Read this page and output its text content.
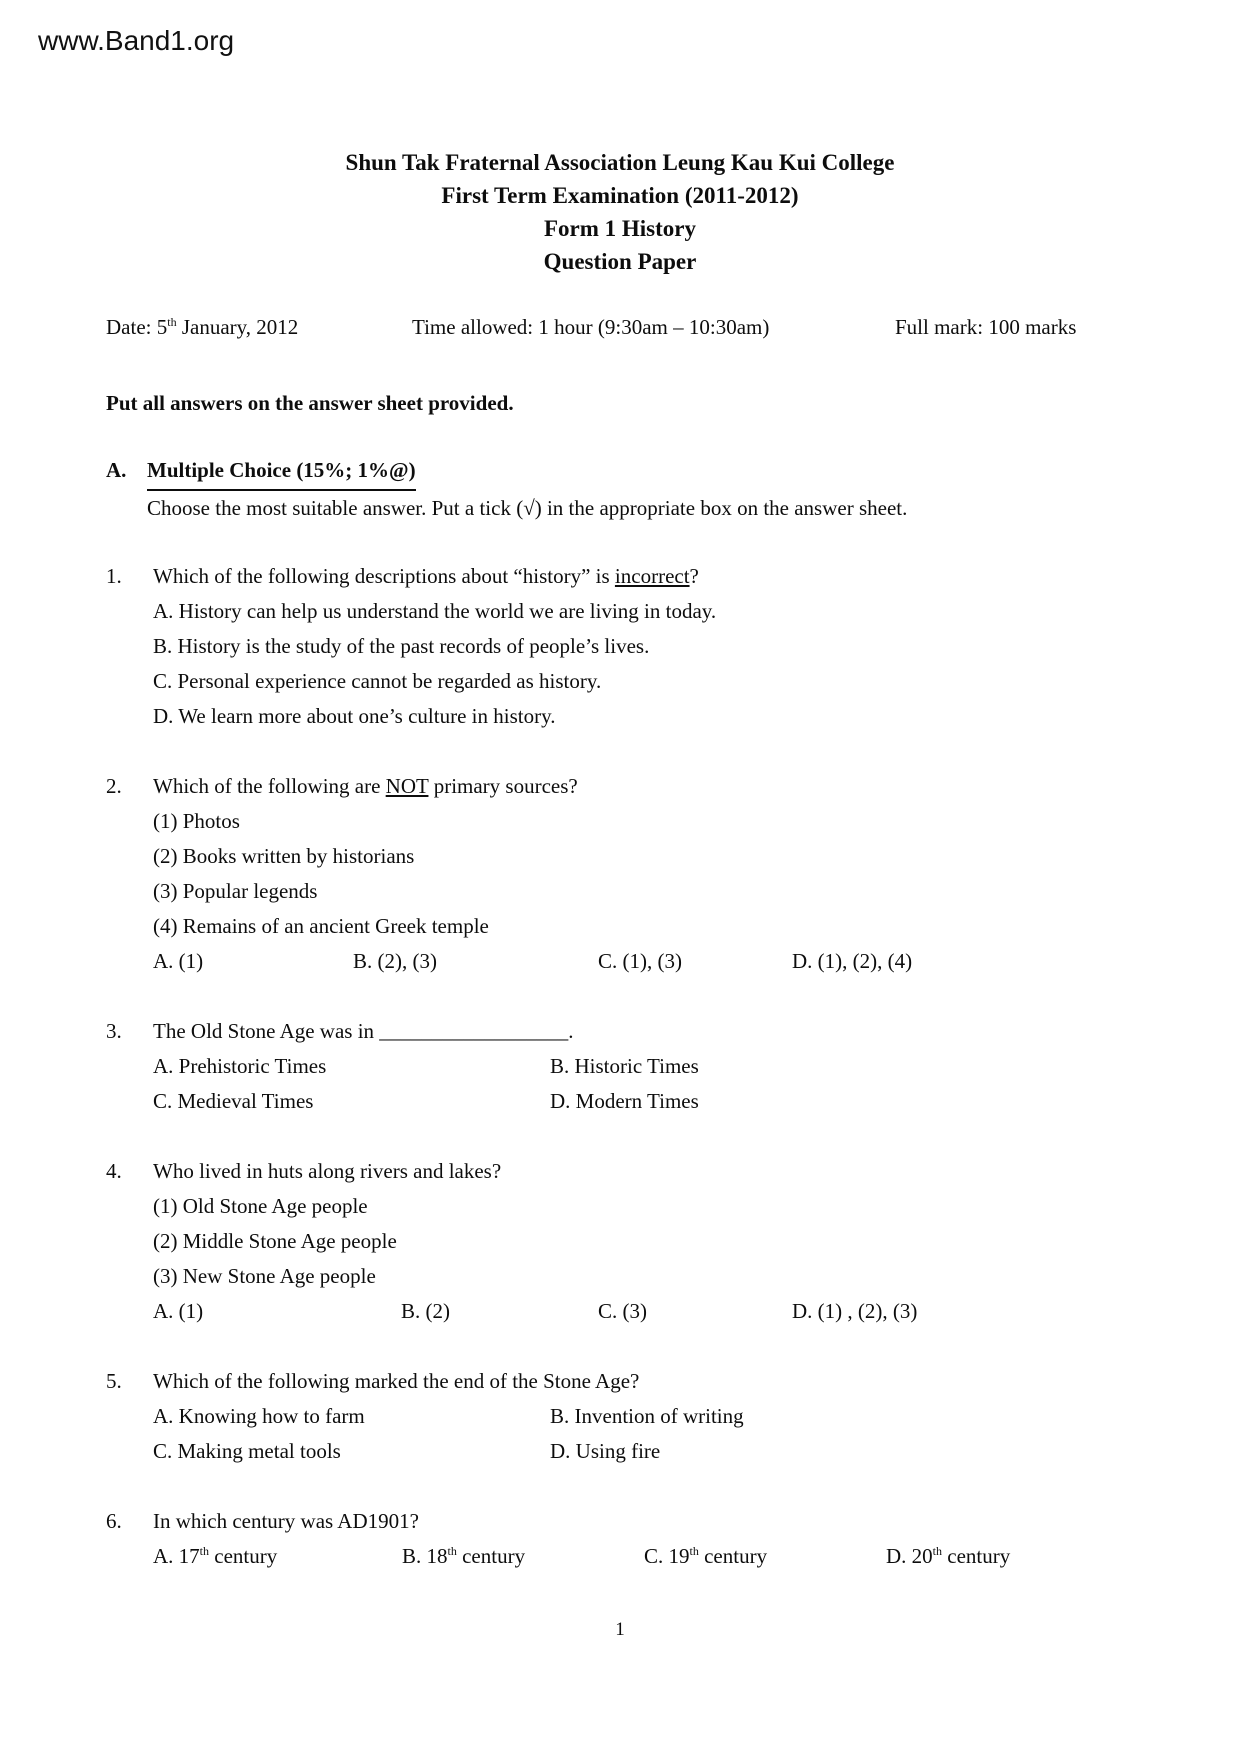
www.Band1.org
Shun Tak Fraternal Association Leung Kau Kui College
First Term Examination (2011-2012)
Form 1 History
Question Paper
Date: 5th January, 2012	Time allowed: 1 hour (9:30am – 10:30am)	Full mark: 100 marks
Put all answers on the answer sheet provided.
A. Multiple Choice (15%; 1%@)
Choose the most suitable answer. Put a tick (√) in the appropriate box on the answer sheet.
1.	Which of the following descriptions about “history” is incorrect?
A. History can help us understand the world we are living in today.
B. History is the study of the past records of people’s lives.
C. Personal experience cannot be regarded as history.
D. We learn more about one’s culture in history.
2.	Which of the following are NOT primary sources?
(1) Photos
(2) Books written by historians
(3) Popular legends
(4) Remains of an ancient Greek temple
A. (1)	B. (2), (3)	C. (1), (3)	D. (1), (2), (4)
3.	The Old Stone Age was in __________________.
A. Prehistoric Times	B. Historic Times
C. Medieval Times	D. Modern Times
4.	Who lived in huts along rivers and lakes?
(1) Old Stone Age people
(2) Middle Stone Age people
(3) New Stone Age people
A. (1)	B. (2)	C. (3)	D. (1) , (2), (3)
5.	Which of the following marked the end of the Stone Age?
A. Knowing how to farm	B. Invention of writing
C. Making metal tools	D. Using fire
6.	In which century was AD1901?
A. 17th century	B. 18th century	C. 19th century	D. 20th century
1
